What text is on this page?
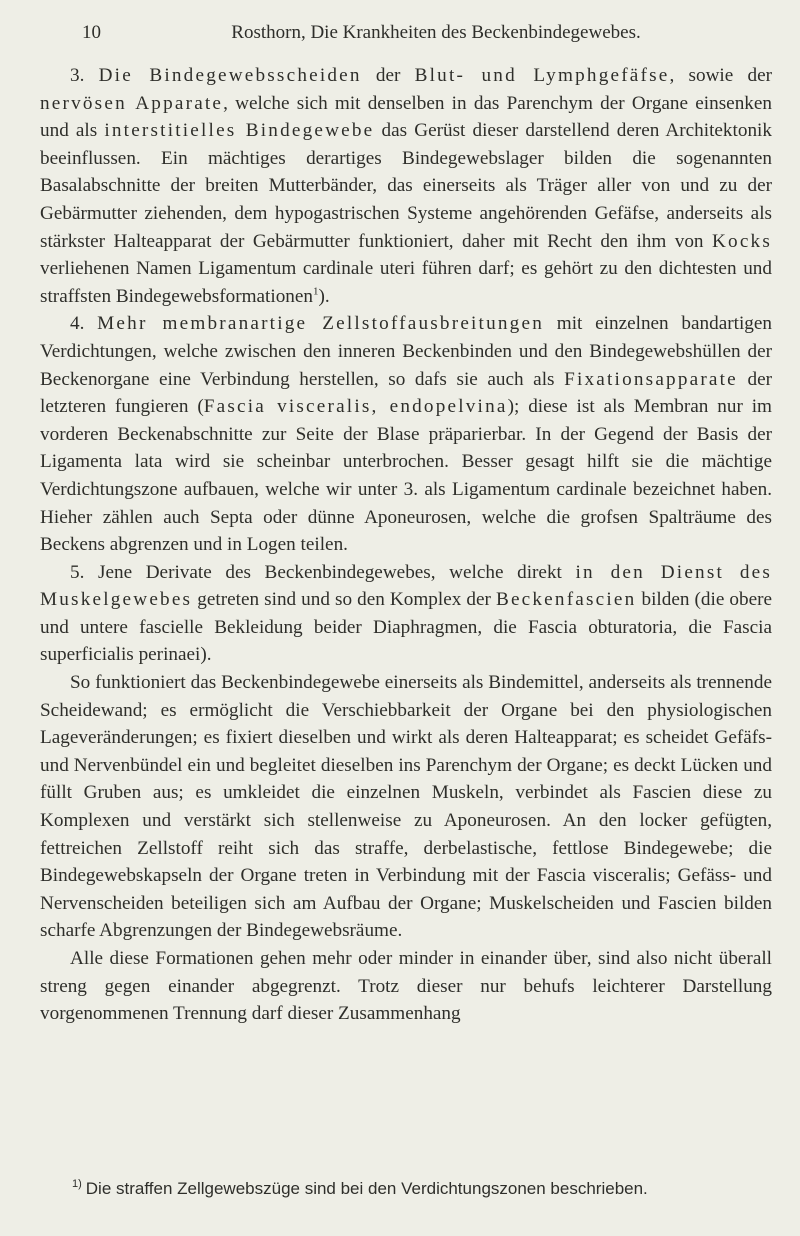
10	Rosthorn, Die Krankheiten des Beckenbindegewebes.

3. Die Bindegewebsscheiden der Blut- und Lymphgefäfse, sowie der nervösen Apparate, welche sich mit denselben in das Parenchym der Organe einsenken und als interstitielles Bindegewebe das Gerüst dieser darstellend deren Architektonik beeinflussen. Ein mächtiges derartiges Bindegewebslager bilden die sogenannten Basalabschnitte der breiten Mutterbänder, das einerseits als Träger aller von und zu der Gebärmutter ziehenden, dem hypogastrischen Systeme angehörenden Gefäfse, anderseits als stärkster Halteapparat der Gebärmutter funktioniert, daher mit Recht den ihm von Kocks verliehenen Namen Ligamentum cardinale uteri führen darf; es gehört zu den dichtesten und straffsten Bindegewebsformationen$^1$).

4. Mehr membranartige Zellstoffausbreitungen mit einzelnen bandartigen Verdichtungen, welche zwischen den inneren Beckenbinden und den Bindegewebshüllen der Beckenorgane eine Verbindung herstellen, so dafs sie auch als Fixationsapparate der letzteren fungieren (Fascia visceralis, endopelvina); diese ist als Membran nur im vorderen Beckenabschnitte zur Seite der Blase präparierbar. In der Gegend der Basis der Ligamenta lata wird sie scheinbar unterbrochen. Besser gesagt hilft sie die mächtige Verdichtungszone aufbauen, welche wir unter 3. als Ligamentum cardinale bezeichnet haben. Hieher zählen auch Septa oder dünne Aponeurosen, welche die grofsen Spalträume des Beckens abgrenzen und in Logen teilen.

5. Jene Derivate des Beckenbindegewebes, welche direkt in den Dienst des Muskelgewebes getreten sind und so den Komplex der Beckenfascien bilden (die obere und untere fascielle Bekleidung beider Diaphragmen, die Fascia obturatoria, die Fascia superficialis perinaei).

So funktioniert das Beckenbindegewebe einerseits als Bindemittel, anderseits als trennende Scheidewand; es ermöglicht die Verschiebbarkeit der Organe bei den physiologischen Lageveränderungen; es fixiert dieselben und wirkt als deren Halteapparat; es scheidet Gefäfs- und Nervenbündel ein und begleitet dieselben ins Parenchym der Organe; es deckt Lücken und füllt Gruben aus; es umkleidet die einzelnen Muskeln, verbindet als Fascien diese zu Komplexen und verstärkt sich stellenweise zu Aponeurosen. An den locker gefügten, fettreichen Zellstoff reiht sich das straffe, derbelastische, fettlose Bindegewebe; die Bindegewebskapseln der Organe treten in Verbindung mit der Fascia visceralis; Gefäss- und Nervenscheiden beteiligen sich am Aufbau der Organe; Muskelscheiden und Fascien bilden scharfe Abgrenzungen der Bindegewebsräume.

Alle diese Formationen gehen mehr oder minder in einander über, sind also nicht überall streng gegen einander abgegrenzt. Trotz dieser nur behufs leichterer Darstellung vorgenommenen Trennung darf dieser Zusammenhang

$^{1)}$ Die straffen Zellgewebszüge sind bei den Verdichtungszonen beschrieben.
